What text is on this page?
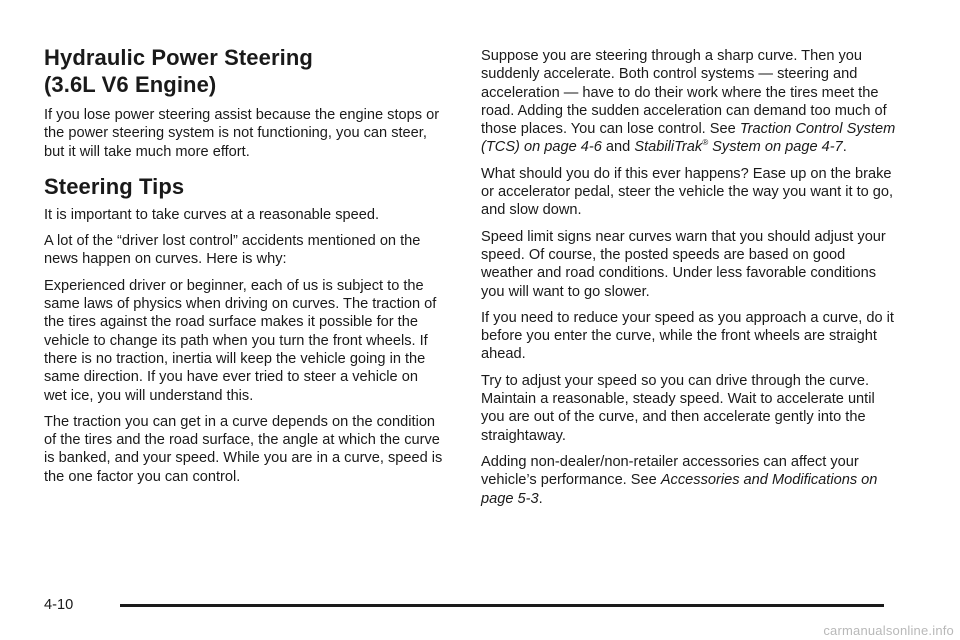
Hydraulic Power Steering
(3.6L V6 Engine)

If you lose power steering assist because the engine stops or the power steering system is not functioning, you can steer, but it will take much more effort.

Steering Tips

It is important to take curves at a reasonable speed.

A lot of the “driver lost control” accidents mentioned on the news happen on curves. Here is why:

Experienced driver or beginner, each of us is subject to the same laws of physics when driving on curves. The traction of the tires against the road surface makes it possible for the vehicle to change its path when you turn the front wheels. If there is no traction, inertia will keep the vehicle going in the same direction. If you have ever tried to steer a vehicle on wet ice, you will understand this.

The traction you can get in a curve depends on the condition of the tires and the road surface, the angle at which the curve is banked, and your speed. While you are in a curve, speed is the one factor you can control.

Suppose you are steering through a sharp curve. Then you suddenly accelerate. Both control systems — steering and acceleration — have to do their work where the tires meet the road. Adding the sudden acceleration can demand too much of those places. You can lose control. See Traction Control System (TCS) on page 4-6 and StabiliTrak® System on page 4-7.

What should you do if this ever happens? Ease up on the brake or accelerator pedal, steer the vehicle the way you want it to go, and slow down.

Speed limit signs near curves warn that you should adjust your speed. Of course, the posted speeds are based on good weather and road conditions. Under less favorable conditions you will want to go slower.

If you need to reduce your speed as you approach a curve, do it before you enter the curve, while the front wheels are straight ahead.

Try to adjust your speed so you can drive through the curve. Maintain a reasonable, steady speed. Wait to accelerate until you are out of the curve, and then accelerate gently into the straightaway.

Adding non-dealer/non-retailer accessories can affect your vehicle’s performance. See Accessories and Modifications on page 5-3.

4-10
carmanualsonline.info
